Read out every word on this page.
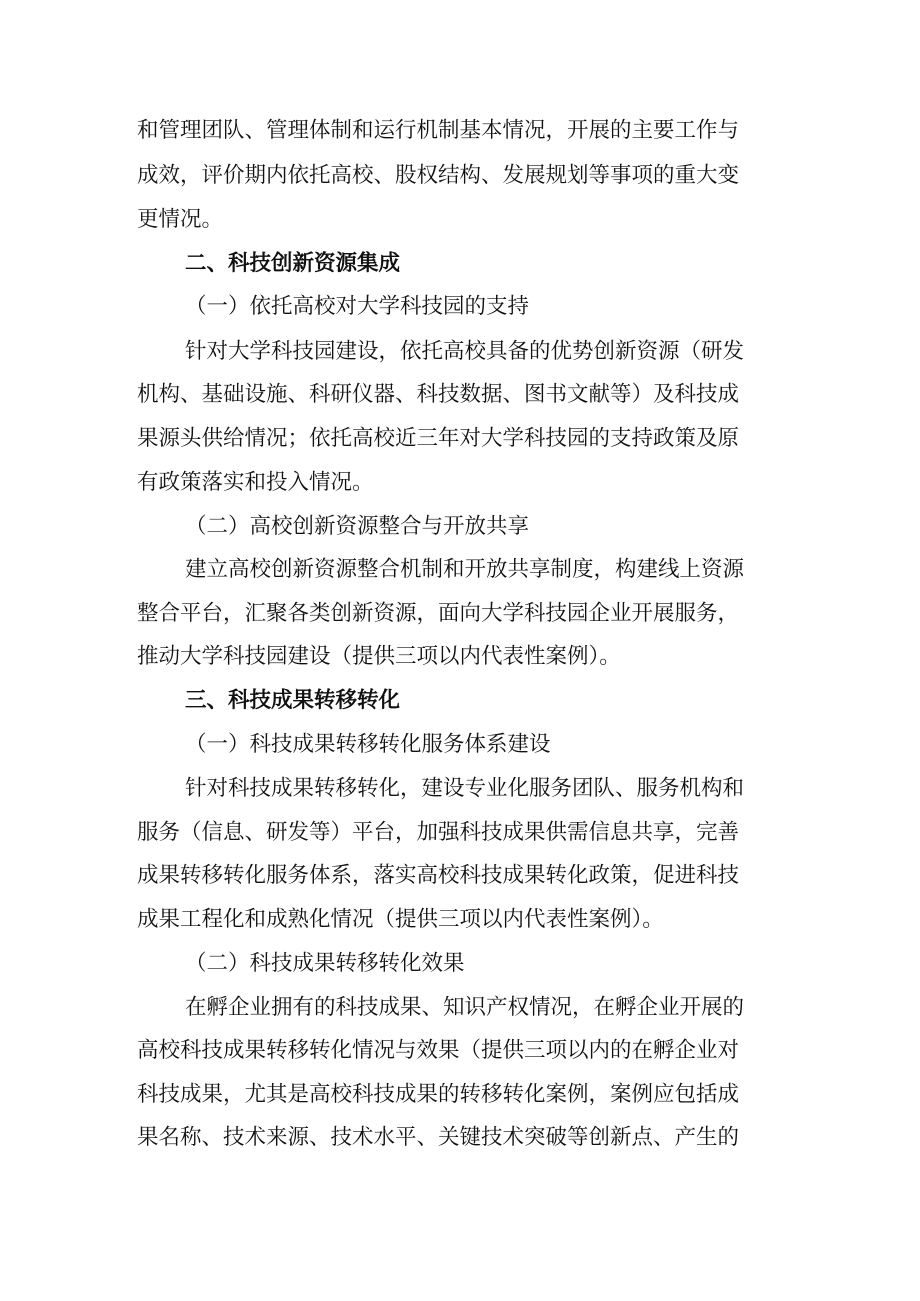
和管理团队、管理体制和运行机制基本情况，开展的主要工作与

成效，评价期内依托高校、股权结构、发展规划等事项的重大变

更情况。

二、科技创新资源集成

（一）依托高校对大学科技园的支持

针对大学科技园建设，依托高校具备的优势创新资源（研发

机构、基础设施、科研仪器、科技数据、图书文献等）及科技成

果源头供给情况；依托高校近三年对大学科技园的支持政策及原

有政策落实和投入情况。

（二）高校创新资源整合与开放共享

建立高校创新资源整合机制和开放共享制度，构建线上资源

整合平台，汇聚各类创新资源，面向大学科技园企业开展服务，

推动大学科技园建设（提供三项以内代表性案例）。

三、科技成果转移转化

（一）科技成果转移转化服务体系建设

针对科技成果转移转化，建设专业化服务团队、服务机构和

服务（信息、研发等）平台，加强科技成果供需信息共享，完善

成果转移转化服务体系，落实高校科技成果转化政策，促进科技

成果工程化和成熟化情况（提供三项以内代表性案例）。

（二）科技成果转移转化效果

在孵企业拥有的科技成果、知识产权情况，在孵企业开展的

高校科技成果转移转化情况与效果（提供三项以内的在孵企业对

科技成果，尤其是高校科技成果的转移转化案例，案例应包括成

果名称、技术来源、技术水平、关键技术突破等创新点、产生的
